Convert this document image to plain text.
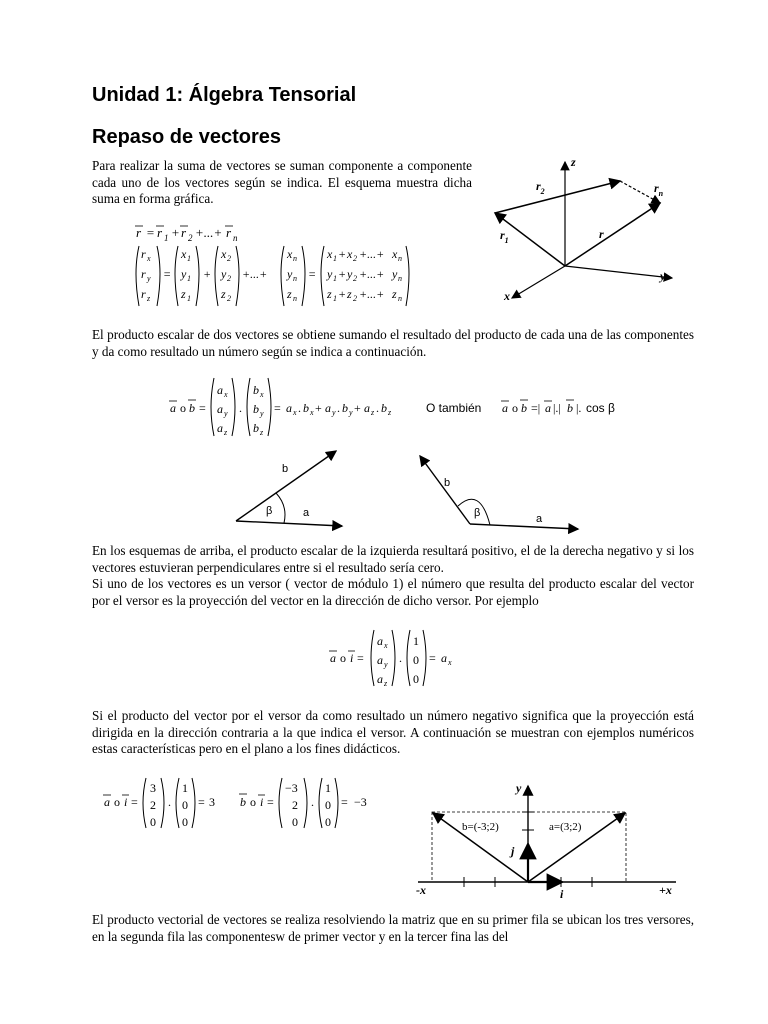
Unidad 1: Álgebra Tensorial
Repaso de vectores

Para realizar la suma de vectores se suman componente a componente cada uno de los vectores según se indica. El esquema muestra dicha suma en forma gráfica.

r = r 1 + r 2 +...+ r n
r x
r y
r z
=
x 1
y 1
z 1
+
x 2
y 2
z 2
+...+
x n
y n
z n
=
x 1 + x 2 +...+ x n
y 1 + y 2 +...+ y n
z 1 + z 2 +...+ z n
z
y
x
r
$r_1$
$r_2$	$r_n$

El producto escalar de dos vectores se obtiene sumando el resultado del producto de cada una de las componentes y da como resultado un número según se indica a continuación.

a o b =
a x
a y
a z
.
b x
b y
b z
= a x . b x + a y . b y + a z . b z	O también a o b =| a |.| b |. cos β
b
a
β
b
a
β

En los esquemas de arriba, el producto escalar de la izquierda resultará positivo, el de la derecha negativo y si los vectores estuvieran perpendiculares entre si el resultado sería cero.

Si uno de los vectores es un versor ( vector de módulo 1) el número que resulta del producto escalar del vector por el versor es la proyección del vector en la dirección de dicho versor. Por ejemplo

a o i =
a x
a y
a z
.
1
0
0
= a x

Si el producto del vector por el versor da como resultado un número negativo significa que la proyección está dirigida en la dirección contraria a la que indica el versor. A continuación se muestran con ejemplos numéricos estas características pero en el plano a los fines didácticos.

a o i =
3
2
0
.
1
0
0
= 3 b o i =
−3
2
0
.
1
0
0
= −3
y
-x	+x
i
j
b=(-3;2)	a=(3;2)

El producto vectorial de vectores se realiza resolviendo la matriz que en su primer fila se ubican los tres versores, en la segunda fila las componentesw de primer vector y en la tercer fina las del
